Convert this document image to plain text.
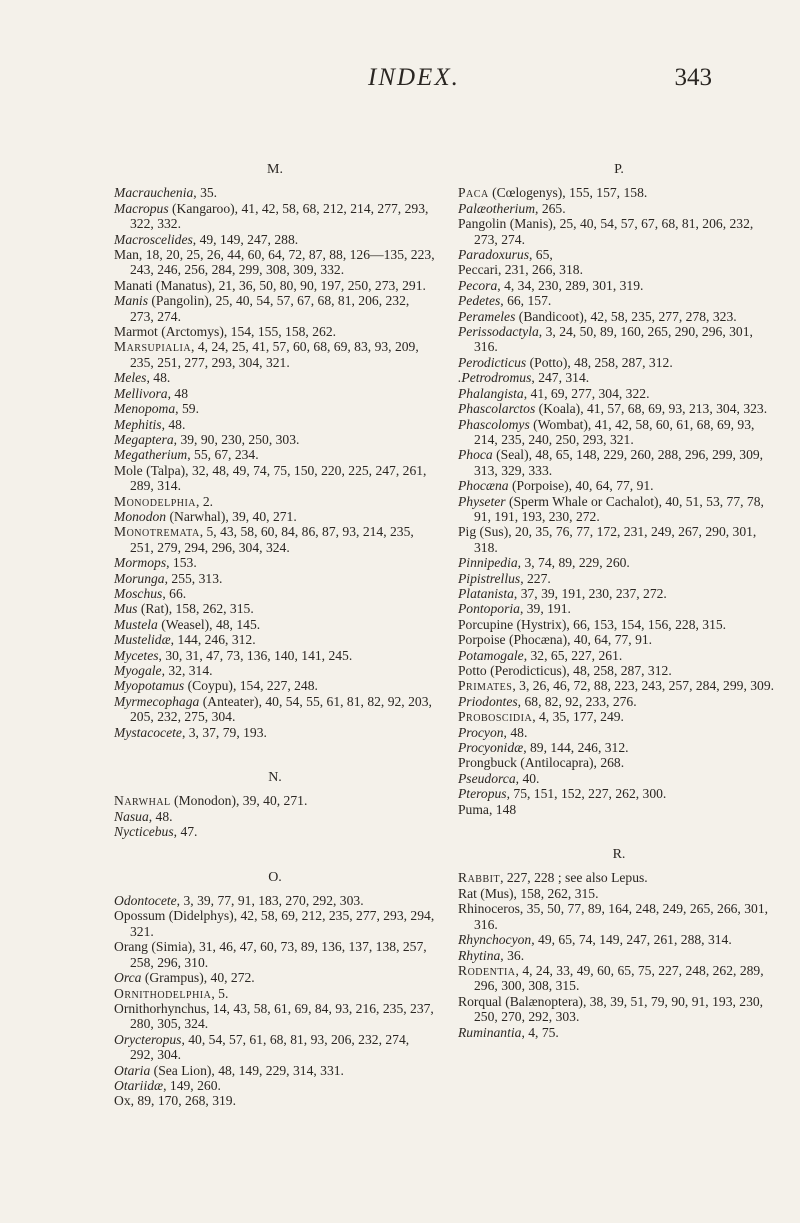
INDEX.	343
M.

Macrauchenia, 35.

Macropus (Kangaroo), 41, 42, 58, 68, 212, 214, 277, 293, 322, 332.

Macroscelides, 49, 149, 247, 288.

Man, 18, 20, 25, 26, 44, 60, 64, 72, 87, 88, 126—135, 223, 243, 246, 256, 284, 299, 308, 309, 332.

Manati (Manatus), 21, 36, 50, 80, 90, 197, 250, 273, 291.

Manis (Pangolin), 25, 40, 54, 57, 67, 68, 81, 206, 232, 273, 274.

Marmot (Arctomys), 154, 155, 158, 262.

Marsupialia, 4, 24, 25, 41, 57, 60, 68, 69, 83, 93, 209, 235, 251, 277, 293, 304, 321.

Meles, 48.

Mellivora, 48

Menopoma, 59.

Mephitis, 48.

Megaptera, 39, 90, 230, 250, 303.

Megatherium, 55, 67, 234.

Mole (Talpa), 32, 48, 49, 74, 75, 150, 220, 225, 247, 261, 289, 314.

Monodelphia, 2.

Monodon (Narwhal), 39, 40, 271.

Monotremata, 5, 43, 58, 60, 84, 86, 87, 93, 214, 235, 251, 279, 294, 296, 304, 324.

Mormops, 153.

Morunga, 255, 313.

Moschus, 66.

Mus (Rat), 158, 262, 315.

Mustela (Weasel), 48, 145.

Mustelidæ, 144, 246, 312.

Mycetes, 30, 31, 47, 73, 136, 140, 141, 245.

Myogale, 32, 314.

Myopotamus (Coypu), 154, 227, 248.

Myrmecophaga (Anteater), 40, 54, 55, 61, 81, 82, 92, 203, 205, 232, 275, 304.

Mystacocete, 3, 37, 79, 193.

N.

Narwhal (Monodon), 39, 40, 271.

Nasua, 48.

Nycticebus, 47.

O.

Odontocete, 3, 39, 77, 91, 183, 270, 292, 303.

Opossum (Didelphys), 42, 58, 69, 212, 235, 277, 293, 294, 321.

Orang (Simia), 31, 46, 47, 60, 73, 89, 136, 137, 138, 257, 258, 296, 310.

Orca (Grampus), 40, 272.

Ornithodelphia, 5.

Ornithorhynchus, 14, 43, 58, 61, 69, 84, 93, 216, 235, 237, 280, 305, 324.

Orycteropus, 40, 54, 57, 61, 68, 81, 93, 206, 232, 274, 292, 304.

Otaria (Sea Lion), 48, 149, 229, 314, 331.

Otariidæ, 149, 260.

Ox, 89, 170, 268, 319.

P.

Paca (Cœlogenys), 155, 157, 158.

Palæotherium, 265.

Pangolin (Manis), 25, 40, 54, 57, 67, 68, 81, 206, 232, 273, 274.

Paradoxurus, 65,

Peccari, 231, 266, 318.

Pecora, 4, 34, 230, 289, 301, 319.

Pedetes, 66, 157.

Perameles (Bandicoot), 42, 58, 235, 277, 278, 323.

Perissodactyla, 3, 24, 50, 89, 160, 265, 290, 296, 301, 316.

Perodicticus (Potto), 48, 258, 287, 312.

.Petrodromus, 247, 314.

Phalangista, 41, 69, 277, 304, 322.

Phascolarctos (Koala), 41, 57, 68, 69, 93, 213, 304, 323.

Phascolomys (Wombat), 41, 42, 58, 60, 61, 68, 69, 93, 214, 235, 240, 250, 293, 321.

Phoca (Seal), 48, 65, 148, 229, 260, 288, 296, 299, 309, 313, 329, 333.

Phocæna (Porpoise), 40, 64, 77, 91.

Physeter (Sperm Whale or Cachalot), 40, 51, 53, 77, 78, 91, 191, 193, 230, 272.

Pig (Sus), 20, 35, 76, 77, 172, 231, 249, 267, 290, 301, 318.

Pinnipedia, 3, 74, 89, 229, 260.

Pipistrellus, 227.

Platanista, 37, 39, 191, 230, 237, 272.

Pontoporia, 39, 191.

Porcupine (Hystrix), 66, 153, 154, 156, 228, 315.

Porpoise (Phocæna), 40, 64, 77, 91.

Potamogale, 32, 65, 227, 261.

Potto (Perodicticus), 48, 258, 287, 312.

Primates, 3, 26, 46, 72, 88, 223, 243, 257, 284, 299, 309.

Priodontes, 68, 82, 92, 233, 276.

Proboscidia, 4, 35, 177, 249.

Procyon, 48.

Procyonidæ, 89, 144, 246, 312.

Prongbuck (Antilocapra), 268.

Pseudorca, 40.

Pteropus, 75, 151, 152, 227, 262, 300.

Puma, 148

R.

Rabbit, 227, 228 ; see also Lepus.

Rat (Mus), 158, 262, 315.

Rhinoceros, 35, 50, 77, 89, 164, 248, 249, 265, 266, 301, 316.

Rhynchocyon, 49, 65, 74, 149, 247, 261, 288, 314.

Rhytina, 36.

Rodentia, 4, 24, 33, 49, 60, 65, 75, 227, 248, 262, 289, 296, 300, 308, 315.

Rorqual (Balænoptera), 38, 39, 51, 79, 90, 91, 193, 230, 250, 270, 292, 303.

Ruminantia, 4, 75.
